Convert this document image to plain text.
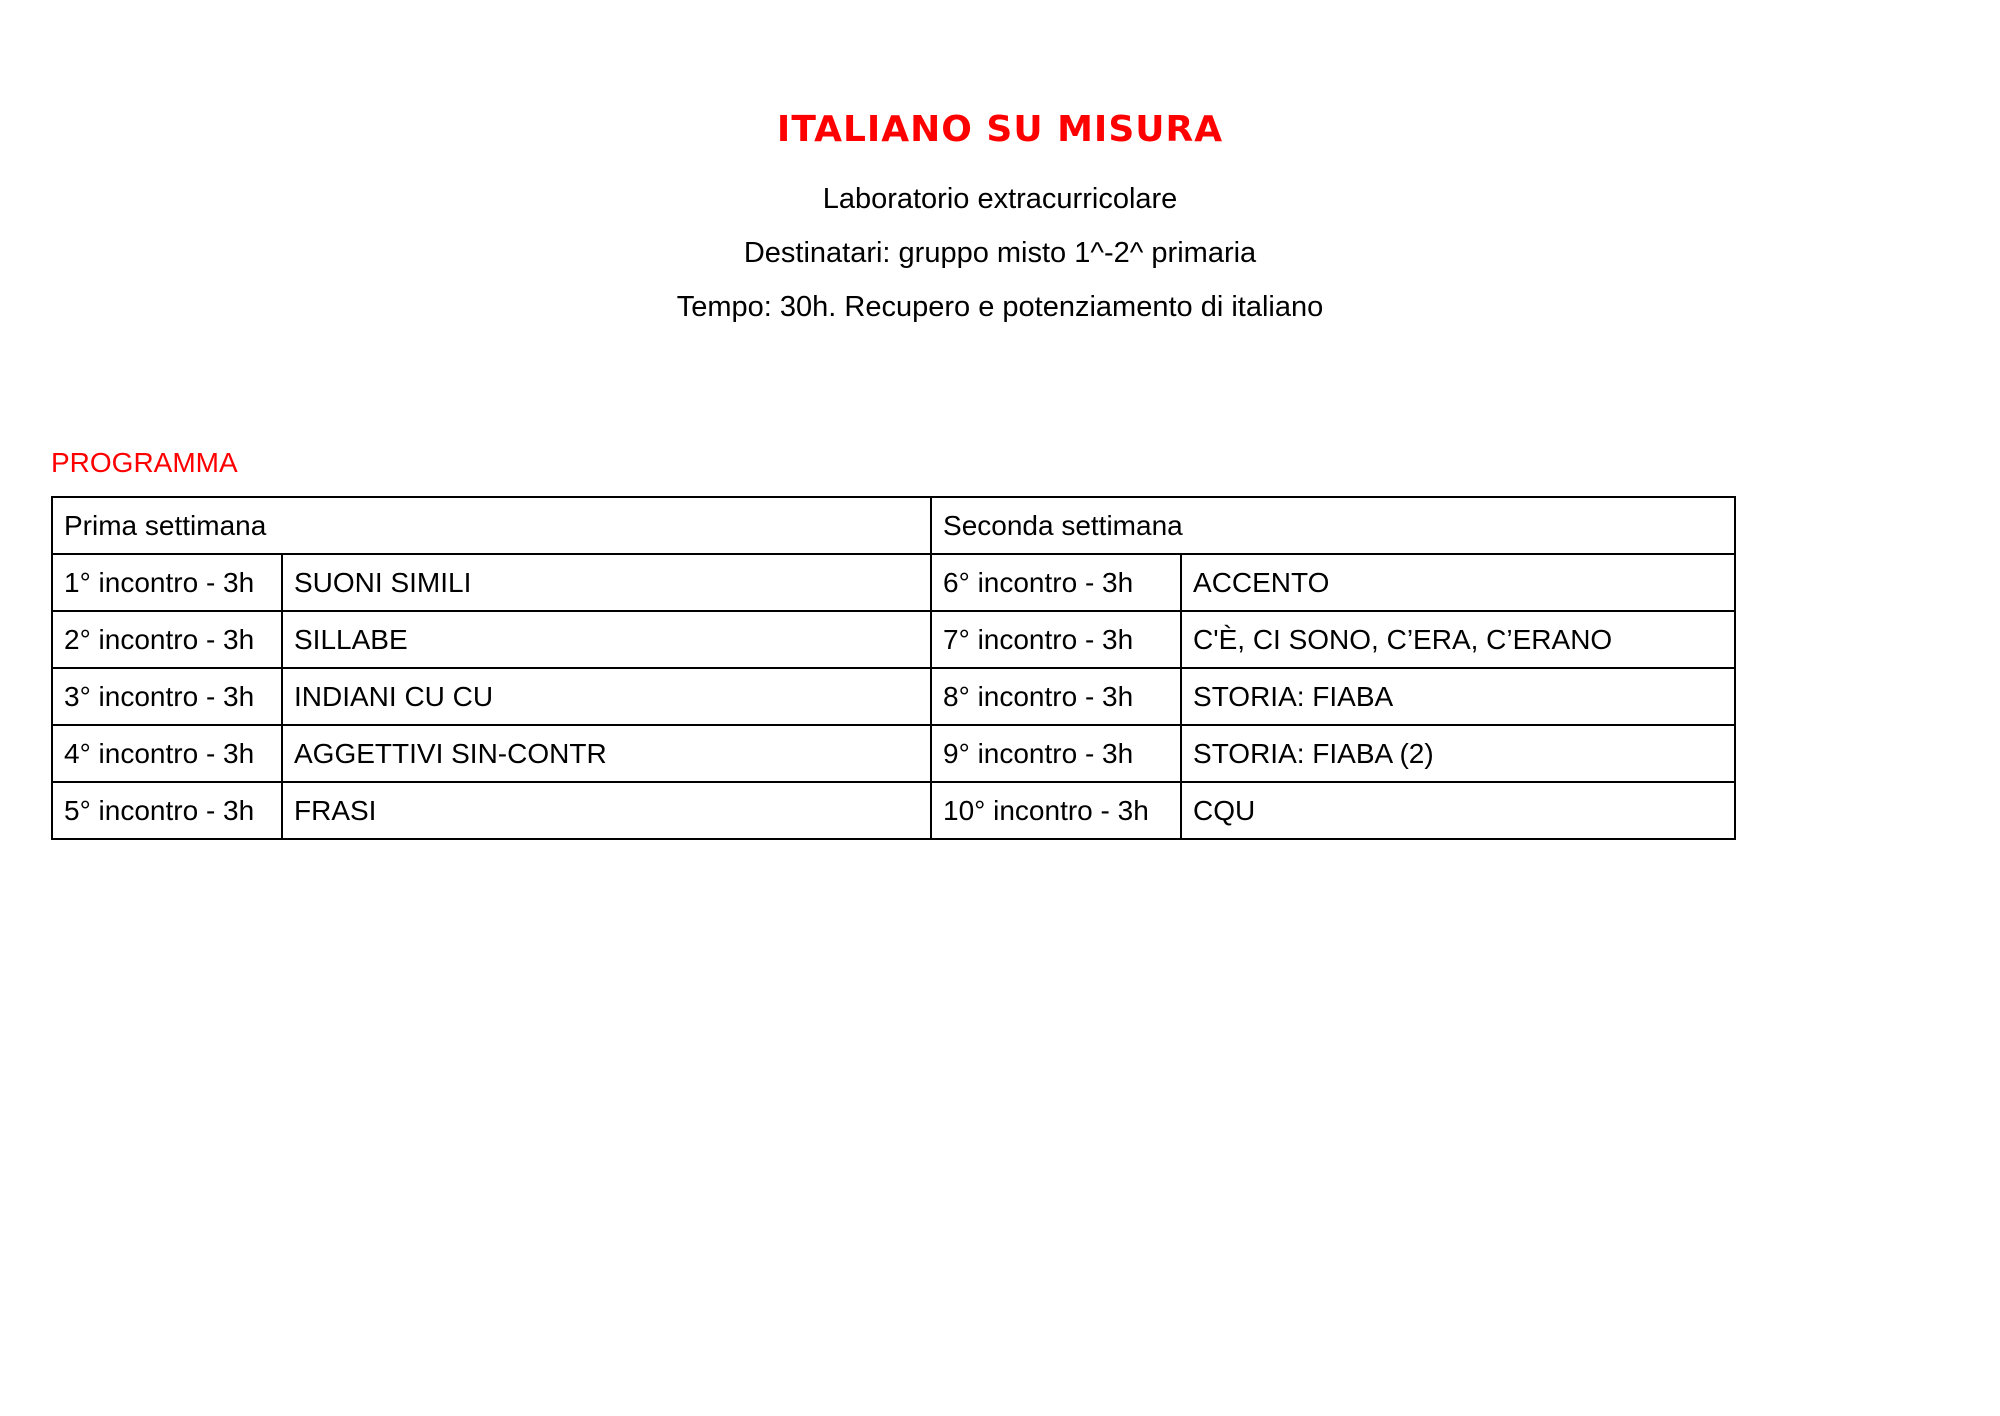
ITALIANO SU MISURA
Laboratorio extracurricolare
Destinatari: gruppo misto 1^-2^ primaria
Tempo: 30h. Recupero e potenziamento di italiano
PROGRAMMA
Prima settimana		Seconda settimana	
1° incontro - 3h	SUONI SIMILI	6° incontro - 3h	ACCENTO
2° incontro - 3h	SILLABE	7° incontro - 3h	C'È, CI SONO, C’ERA, C’ERANO
3° incontro - 3h	INDIANI CU CU	8° incontro - 3h	STORIA: FIABA
4° incontro - 3h	AGGETTIVI SIN-CONTR	9° incontro - 3h	STORIA: FIABA (2)
5° incontro - 3h	FRASI	10° incontro - 3h	CQU
